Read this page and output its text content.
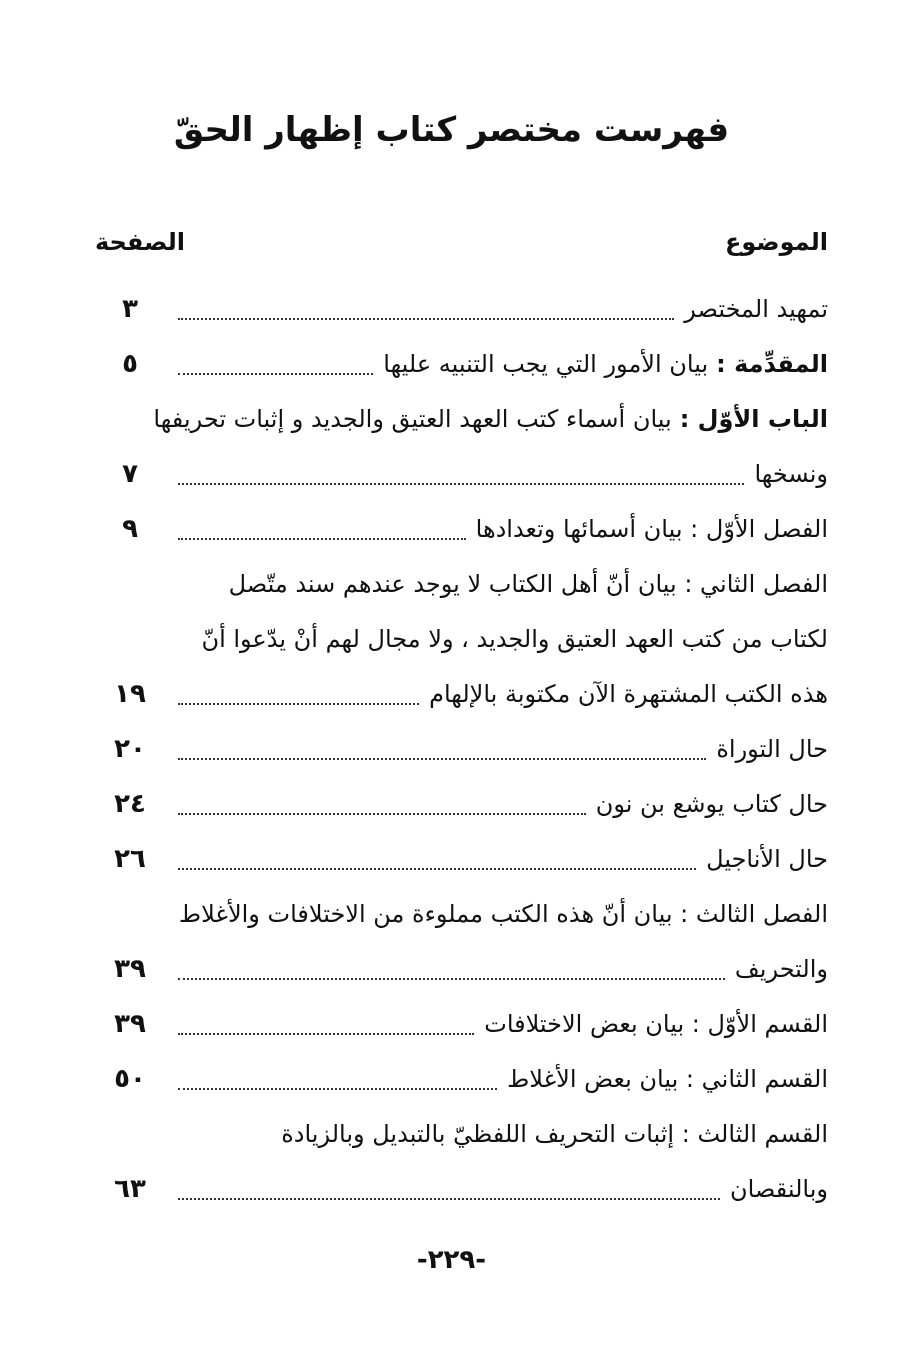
فهرست مختصر كتاب إظهار الحقّ
الموضوع
الصفحة
تمهيد المختصر
٣
المقدِّمة :
بيان الأمور التي يجب التنبيه عليها
٥
الباب الأوّل :
بيان أسماء كتب العهد العتيق والجديد و إثبات تحريفها
ونسخها
٧
الفصل الأوّل : بيان أسمائها وتعدادها
٩
الفصل الثاني : بيان أنّ أهل الكتاب لا يوجد عندهم سند متّصل
لكتاب من كتب العهد العتيق والجديد ، ولا مجال لهم أنْ يدّعوا أنّ
هذه الكتب المشتهرة الآن مكتوبة بالإلهام
١٩
حال التوراة
٢٠
حال كتاب يوشع بن نون
٢٤
حال الأناجيل
٢٦
الفصل الثالث : بيان أنّ هذه الكتب مملوءة من الاختلافات والأغلاط
والتحريف
٣٩
القسم الأوّل : بيان بعض الاختلافات
٣٩
القسم الثاني : بيان بعض الأغلاط
٥٠
القسم الثالث : إثبات التحريف اللفظيّ بالتبديل وبالزيادة
وبالنقصان
٦٣
-٢٢٩-
